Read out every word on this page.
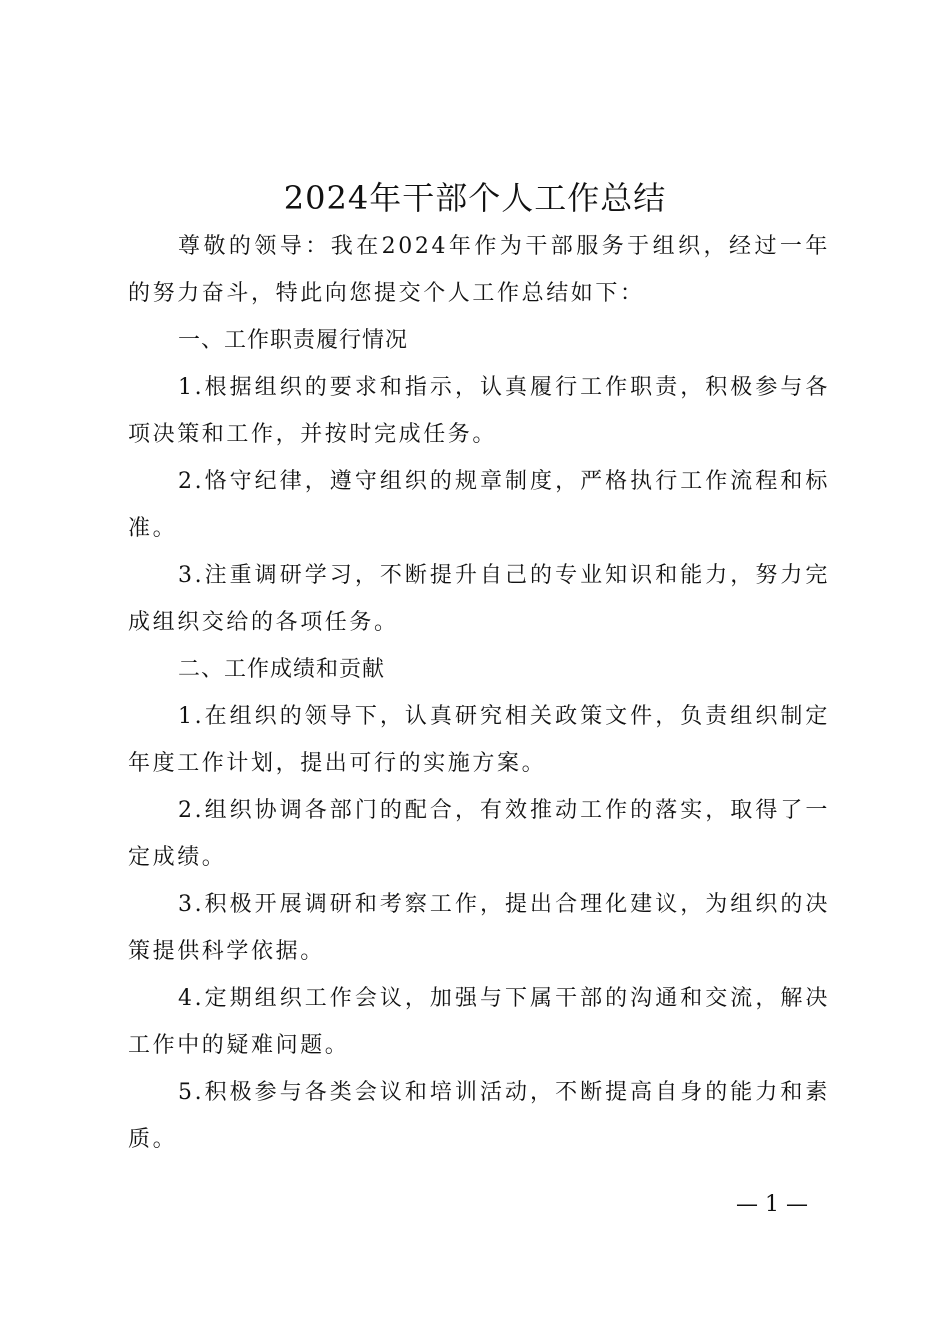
2024年干部个人工作总结

尊敬的领导：我在2024年作为干部服务于组织，经过一年的努力奋斗，特此向您提交个人工作总结如下：

一、工作职责履行情况

1.根据组织的要求和指示，认真履行工作职责，积极参与各项决策和工作，并按时完成任务。

2.恪守纪律，遵守组织的规章制度，严格执行工作流程和标准。

3.注重调研学习，不断提升自己的专业知识和能力，努力完成组织交给的各项任务。

二、工作成绩和贡献

1.在组织的领导下，认真研究相关政策文件，负责组织制定年度工作计划，提出可行的实施方案。

2.组织协调各部门的配合，有效推动工作的落实，取得了一定成绩。

3.积极开展调研和考察工作，提出合理化建议，为组织的决策提供科学依据。

4.定期组织工作会议，加强与下属干部的沟通和交流，解决工作中的疑难问题。

5.积极参与各类会议和培训活动，不断提高自身的能力和素质。

— 1 —
